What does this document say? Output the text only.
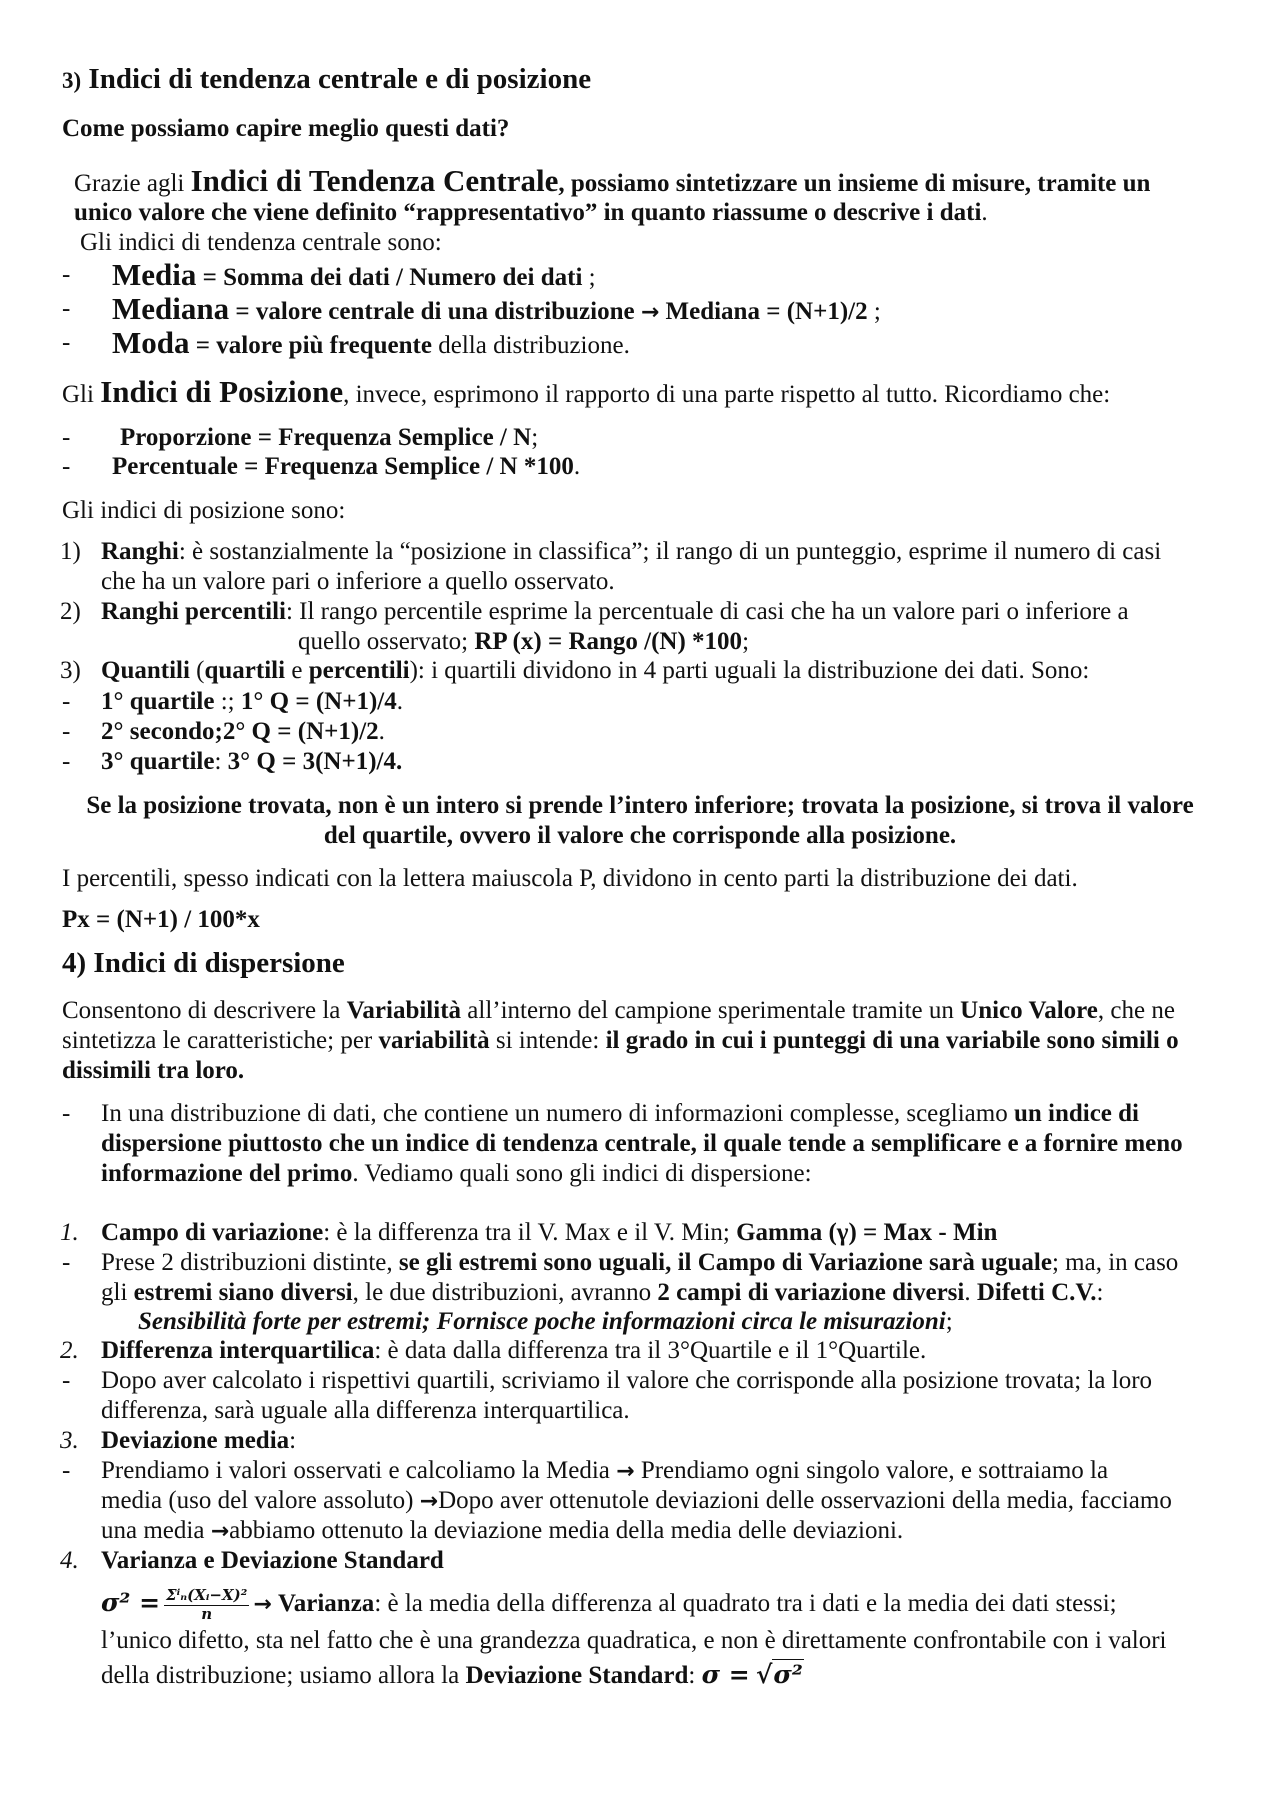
3) Indici di tendenza centrale e di posizione
Come possiamo capire meglio questi dati?
Grazie agli Indici di Tendenza Centrale, possiamo sintetizzare un insieme di misure, tramite un
unico valore che viene definito “rappresentativo” in quanto riassume o descrive i dati.
Gli indici di tendenza centrale sono:
- Media = Somma dei dati / Numero dei dati ;
- Mediana = valore centrale di una distribuzione → Mediana = (N+1)/2 ;
- Moda = valore più frequente della distribuzione.
Gli Indici di Posizione, invece, esprimono il rapporto di una parte rispetto al tutto. Ricordiamo che:
- Proporzione = Frequenza Semplice / N;
- Percentuale = Frequenza Semplice / N *100.
Gli indici di posizione sono:
1) Ranghi: è sostanzialmente la “posizione in classifica”; il rango di un punteggio, esprime il numero di casi
che ha un valore pari o inferiore a quello osservato.
2) Ranghi percentili: Il rango percentile esprime la percentuale di casi che ha un valore pari o inferiore a
quello osservato; RP (x) = Rango /(N) *100;
3) Quantili (quartili e percentili): i quartili dividono in 4 parti uguali la distribuzione dei dati. Sono:
- 1° quartile :; 1° Q = (N+1)/4.
- 2° secondo;2° Q = (N+1)/2.
- 3° quartile: 3° Q = 3(N+1)/4.
Se la posizione trovata, non è un intero si prende l’intero inferiore; trovata la posizione, si trova il valore
del quartile, ovvero il valore che corrisponde alla posizione.
I percentili, spesso indicati con la lettera maiuscola P, dividono in cento parti la distribuzione dei dati.
Px = (N+1) / 100*x
4) Indici di dispersione
Consentono di descrivere la Variabilità all’interno del campione sperimentale tramite un Unico Valore, che ne
sintetizza le caratteristiche; per variabilità si intende: il grado in cui i punteggi di una variabile sono simili o
dissimili tra loro.
- In una distribuzione di dati, che contiene un numero di informazioni complesse, scegliamo un indice di
dispersione piuttosto che un indice di tendenza centrale, il quale tende a semplificare e a fornire meno
informazione del primo. Vediamo quali sono gli indici di dispersione:
1. Campo di variazione: è la differenza tra il V. Max e il V. Min; Gamma (γ) = Max - Min
- Prese 2 distribuzioni distinte, se gli estremi sono uguali, il Campo di Variazione sarà uguale; ma, in caso
gli estremi siano diversi, le due distribuzioni, avranno 2 campi di variazione diversi. Difetti C.V.:
Sensibilità forte per estremi; Fornisce poche informazioni circa le misurazioni;
2. Differenza interquartilica: è data dalla differenza tra il 3°Quartile e il 1°Quartile.
- Dopo aver calcolato i rispettivi quartili, scriviamo il valore che corrisponde alla posizione trovata; la loro
differenza, sarà uguale alla differenza interquartilica.
3. Deviazione media:
- Prendiamo i valori osservati e calcoliamo la Media → Prendiamo ogni singolo valore, e sottraiamo la
media (uso del valore assoluto) →Dopo aver ottenutole deviazioni delle osservazioni della media, facciamo
una media →abbiamo ottenuto la deviazione media della media delle deviazioni.
4. Varianza e Deviazione Standard
$\sigma^2 = \frac{\text{Σⁱₙ(Xᵢ−X)²}}{n}$ → Varianza: è la media della differenza al quadrato tra i dati e la media dei dati stessi;
l’unico difetto, sta nel fatto che è una grandezza quadratica, e non è direttamente confrontabile con i valori
della distribuzione; usiamo allora la Deviazione Standard: σ = √σ²
